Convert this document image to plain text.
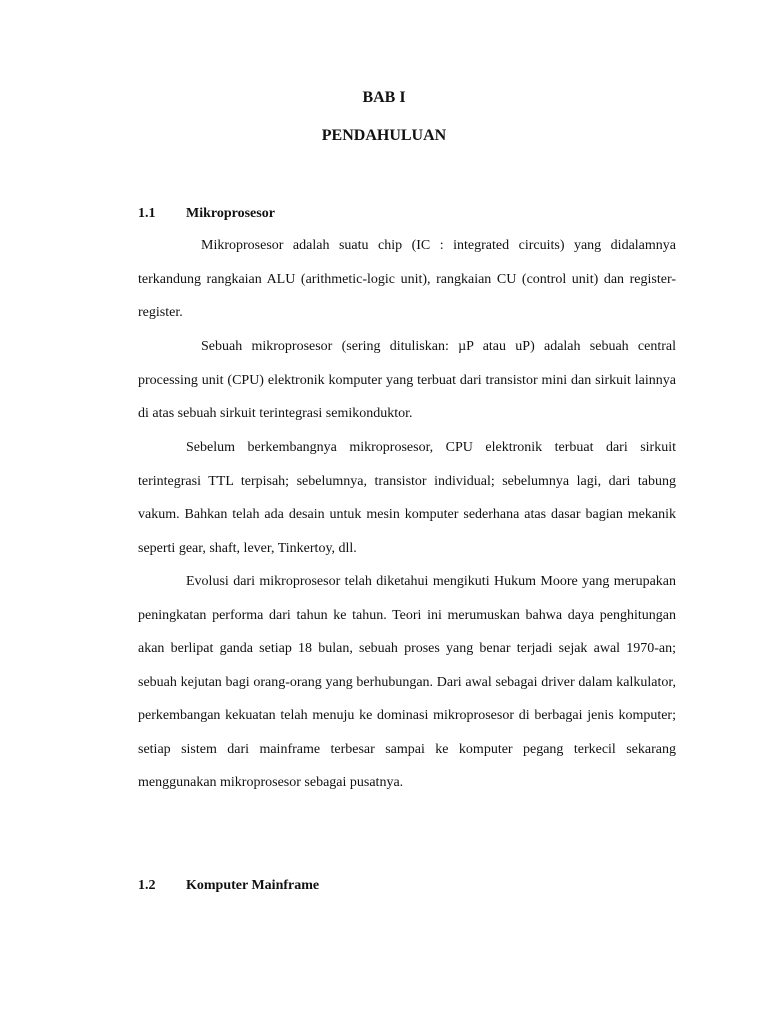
BAB I
PENDAHULUAN
1.1 Mikroprosesor

Mikroprosesor adalah suatu chip (IC : integrated circuits) yang didalamnya terkandung rangkaian ALU (arithmetic-logic unit), rangkaian CU (control unit) dan register-register.

Sebuah mikroprosesor (sering dituliskan: µP atau uP) adalah sebuah central processing unit (CPU) elektronik komputer yang terbuat dari transistor mini dan sirkuit lainnya di atas sebuah sirkuit terintegrasi semikonduktor.

Sebelum berkembangnya mikroprosesor, CPU elektronik terbuat dari sirkuit terintegrasi TTL terpisah; sebelumnya, transistor individual; sebelumnya lagi, dari tabung vakum. Bahkan telah ada desain untuk mesin komputer sederhana atas dasar bagian mekanik seperti gear, shaft, lever, Tinkertoy, dll.

Evolusi dari mikroprosesor telah diketahui mengikuti Hukum Moore yang merupakan peningkatan performa dari tahun ke tahun. Teori ini merumuskan bahwa daya penghitungan akan berlipat ganda setiap 18 bulan, sebuah proses yang benar terjadi sejak awal 1970-an; sebuah kejutan bagi orang-orang yang berhubungan. Dari awal sebagai driver dalam kalkulator, perkembangan kekuatan telah menuju ke dominasi mikroprosesor di berbagai jenis komputer; setiap sistem dari mainframe terbesar sampai ke komputer pegang terkecil sekarang menggunakan mikroprosesor sebagai pusatnya.

1.2 Komputer Mainframe
